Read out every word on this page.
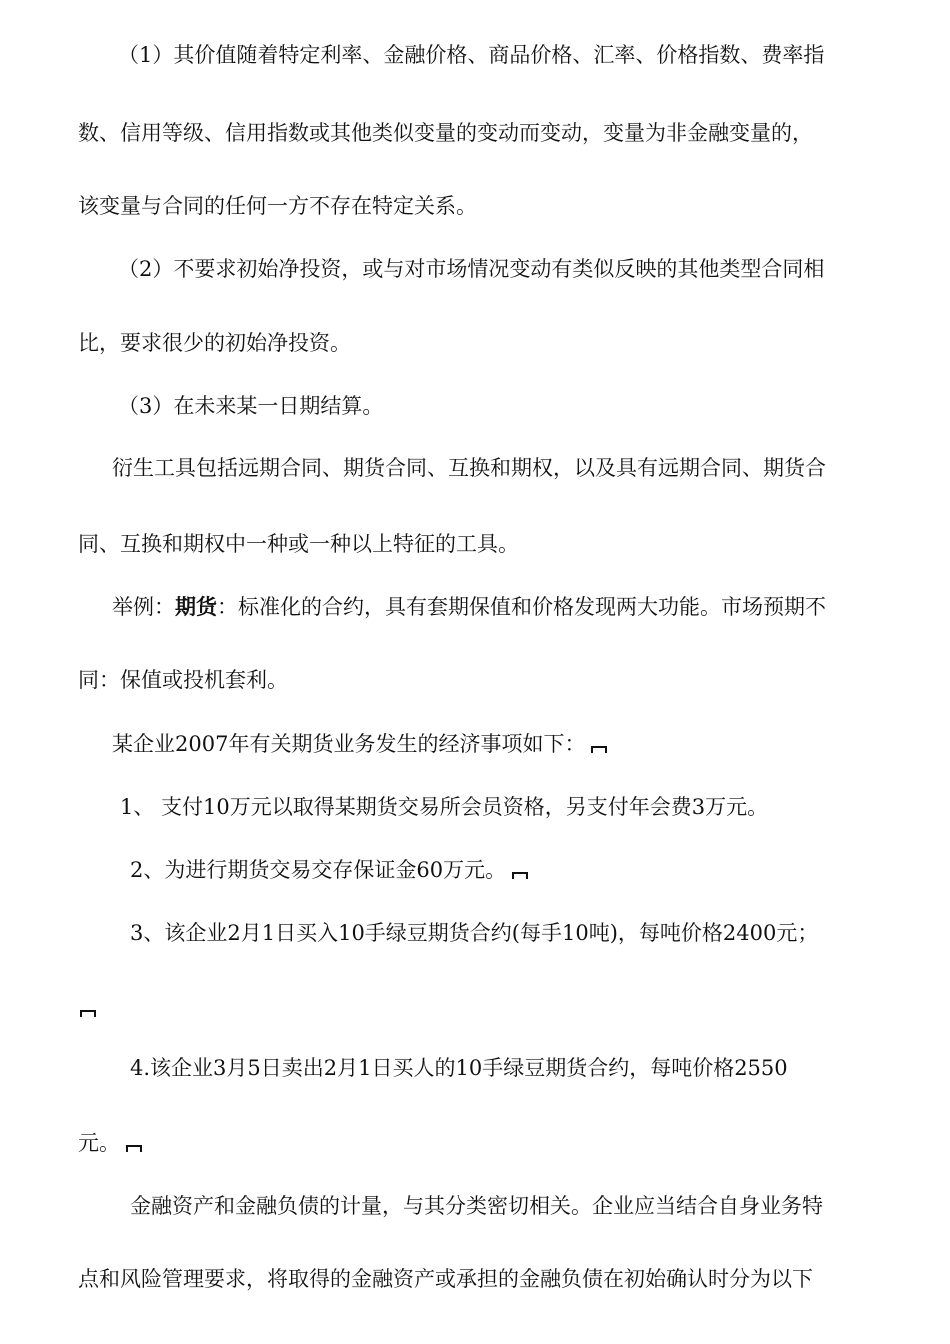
（1）其价值随着特定利率、金融价格、商品价格、汇率、价格指数、费率指
数、信用等级、信用指数或其他类似变量的变动而变动，变量为非金融变量的，
该变量与合同的任何一方不存在特定关系。
（2）不要求初始净投资，或与对市场情况变动有类似反映的其他类型合同相
比，要求很少的初始净投资。
（3）在未来某一日期结算。
衍生工具包括远期合同、期货合同、互换和期权，以及具有远期合同、期货合
同、互换和期权中一种或一种以上特征的工具。
举例：期货：标准化的合约，具有套期保值和价格发现两大功能。市场预期不
同：保值或投机套利。
某企业2007年有关期货业务发生的经济事项如下：
1、 支付10万元以取得某期货交易所会员资格，另支付年会费3万元。
2、为进行期货交易交存保证金60万元。
3、该企业2月1日买入10手绿豆期货合约(每手10吨)，每吨价格2400元；
4.该企业3月5日卖出2月1日买人的10手绿豆期货合约，每吨价格2550
元。
金融资产和金融负债的计量，与其分类密切相关。企业应当结合自身业务特
点和风险管理要求，将取得的金融资产或承担的金融负债在初始确认时分为以下
